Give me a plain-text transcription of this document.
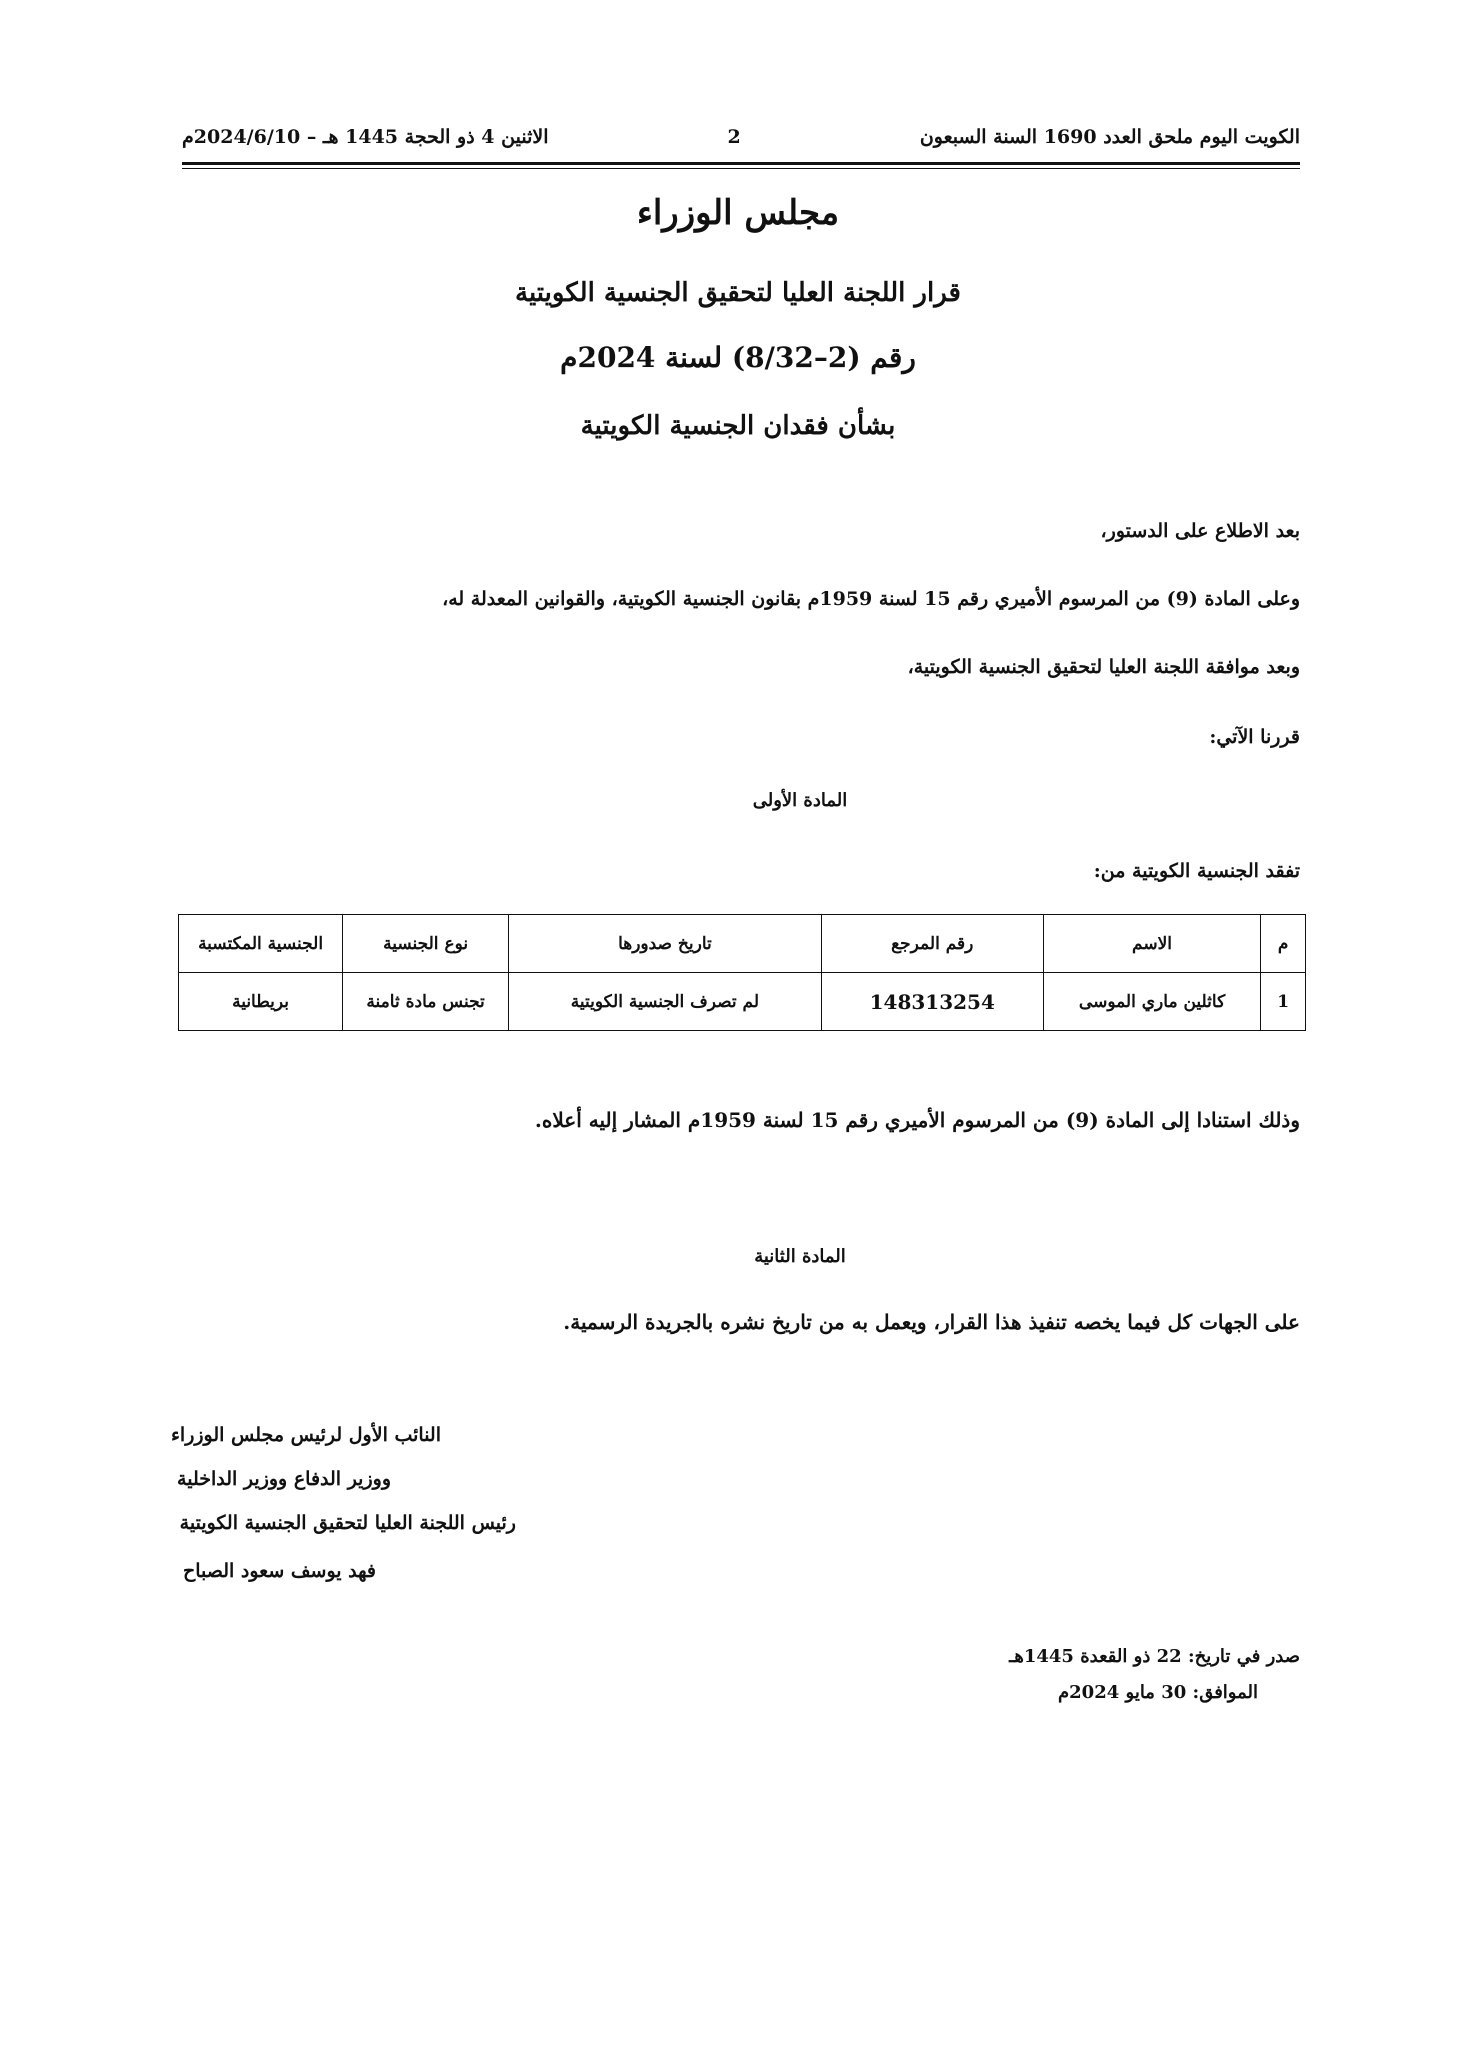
الكويت اليوم ملحق العدد 1690 السنة السبعون
2
الاثنين 4 ذو الحجة 1445 هـ – 2024/6/10م
مجلس الوزراء
قرار اللجنة العليا لتحقيق الجنسية الكويتية
رقم (2–8/32) لسنة 2024م
بشأن فقدان الجنسية الكويتية
بعد الاطلاع على الدستور،
وعلى المادة (9) من المرسوم الأميري رقم 15 لسنة 1959م بقانون الجنسية الكويتية، والقوانين المعدلة له،
وبعد موافقة اللجنة العليا لتحقيق الجنسية الكويتية،
قررنا الآتي:
المادة الأولى
تفقد الجنسية الكويتية من:
م	الاسم	رقم المرجع	تاريخ صدورها	نوع الجنسية	الجنسية المكتسبة
1	كاثلين ماري الموسى	148313254	لم تصرف الجنسية الكويتية	تجنس مادة ثامنة	بريطانية
وذلك استنادا إلى المادة (9) من المرسوم الأميري رقم 15 لسنة 1959م المشار إليه أعلاه.
المادة الثانية
على الجهات كل فيما يخصه تنفيذ هذا القرار، ويعمل به من تاريخ نشره بالجريدة الرسمية.
النائب الأول لرئيس مجلس الوزراء
ووزير الدفاع ووزير الداخلية
رئيس اللجنة العليا لتحقيق الجنسية الكويتية
فهد يوسف سعود الصباح
صدر في تاريخ: 22 ذو القعدة 1445هـ
الموافق: 30 مايو 2024م
